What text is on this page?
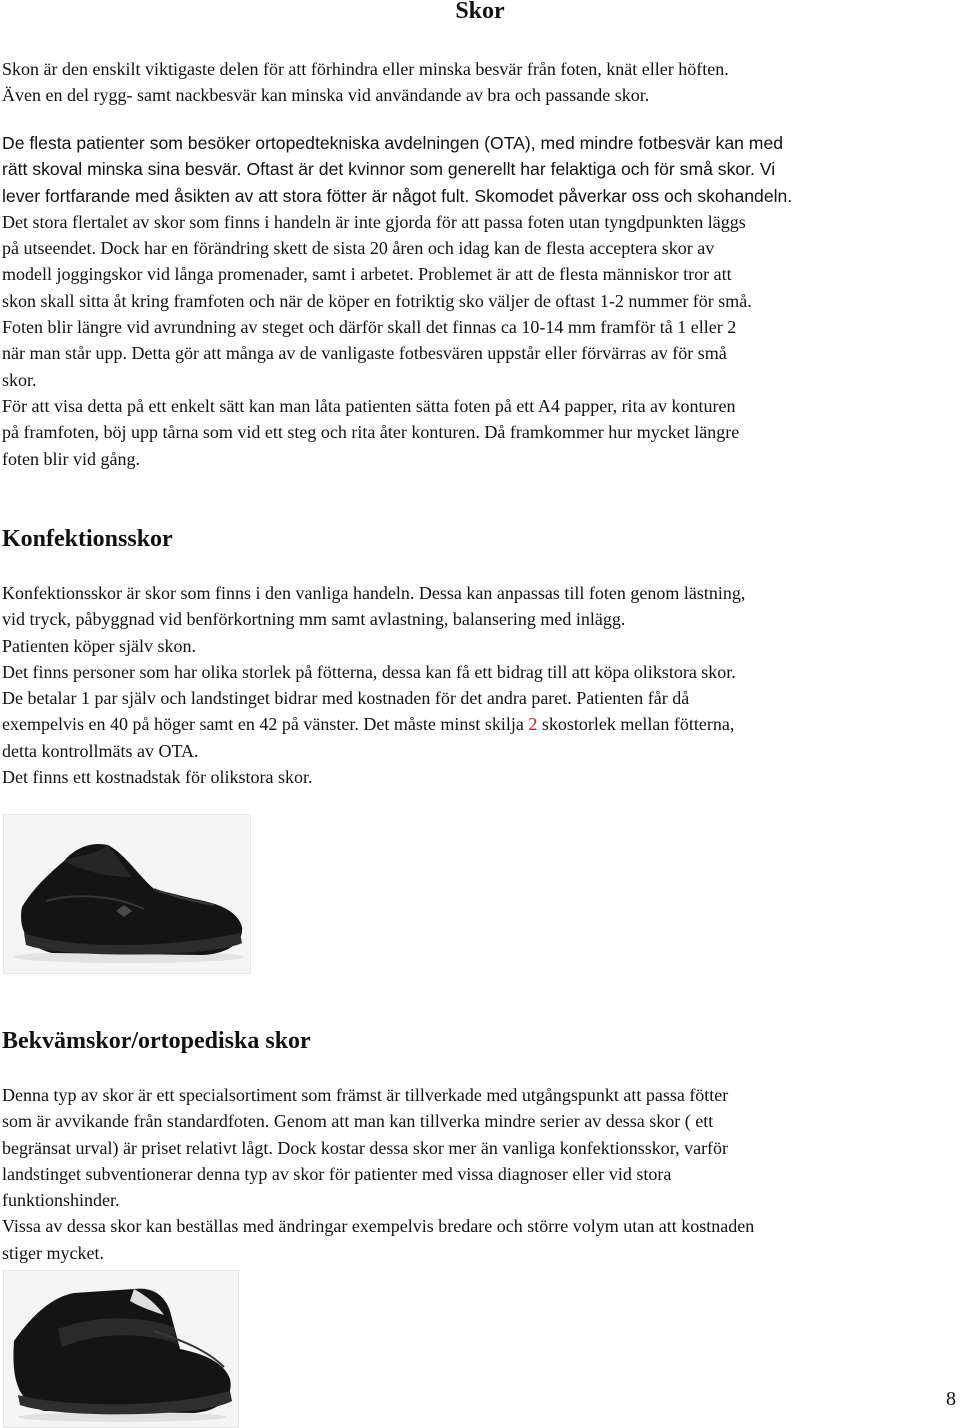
Skor

Skon är den enskilt viktigaste delen för att förhindra eller minska besvär från foten, knät eller höften.
Även en del rygg- samt nackbesvär kan minska vid användande av bra och passande skor.

De flesta patienter som besöker ortopedtekniska avdelningen (OTA), med mindre fotbesvär kan med
rätt skoval minska sina besvär. Oftast är det kvinnor som generellt har felaktiga och för små skor. Vi
lever fortfarande med åsikten av att stora fötter är något fult. Skomodet påverkar oss och skohandeln.
Det stora flertalet av skor som finns i handeln är inte gjorda för att passa foten utan tyngdpunkten läggs
på utseendet. Dock har en förändring skett de sista 20 åren och idag kan de flesta acceptera skor av
modell joggingskor vid långa promenader, samt i arbetet. Problemet är att de flesta människor tror att
skon skall sitta åt kring framfoten och när de köper en fotriktig sko väljer de oftast 1-2 nummer för små.
Foten blir längre vid avrundning av steget och därför skall det finnas ca 10-14 mm framför tå 1 eller 2
när man står upp. Detta gör att många av de vanligaste fotbesvären uppstår eller förvärras av för små
skor.
För att visa detta på ett enkelt sätt kan man låta patienten sätta foten på ett A4 papper, rita av konturen
på framfoten, böj upp tårna som vid ett steg och rita åter konturen. Då framkommer hur mycket längre
foten blir vid gång.

Konfektionsskor

Konfektionsskor är skor som finns i den vanliga handeln. Dessa kan anpassas till foten genom lästning,
vid tryck, påbyggnad vid benförkortning mm samt avlastning, balansering med inlägg.
Patienten köper själv skon.
Det finns personer som har olika storlek på fötterna, dessa kan få ett bidrag till att köpa olikstora skor.
De betalar 1 par själv och landstinget bidrar med kostnaden för det andra paret. Patienten får då
exempelvis en 40 på höger samt en 42 på vänster. Det måste minst skilja 2 skostorlek mellan fötterna,
detta kontrollmäts av OTA.
Det finns ett kostnadstak för olikstora skor.

Bekvämskor/ortopediska skor

Denna typ av skor är ett specialsortiment som främst är tillverkade med utgångspunkt att passa fötter
som är avvikande från standardfoten. Genom att man kan tillverka mindre serier av dessa skor ( ett
begränsat urval) är priset relativt lågt. Dock kostar dessa skor mer än vanliga konfektionsskor, varför
landstinget subventionerar denna typ av skor för patienter med vissa diagnoser eller vid stora
funktionshinder.
Vissa av dessa skor kan beställas med ändringar exempelvis bredare och större volym utan att kostnaden
stiger mycket.

8
